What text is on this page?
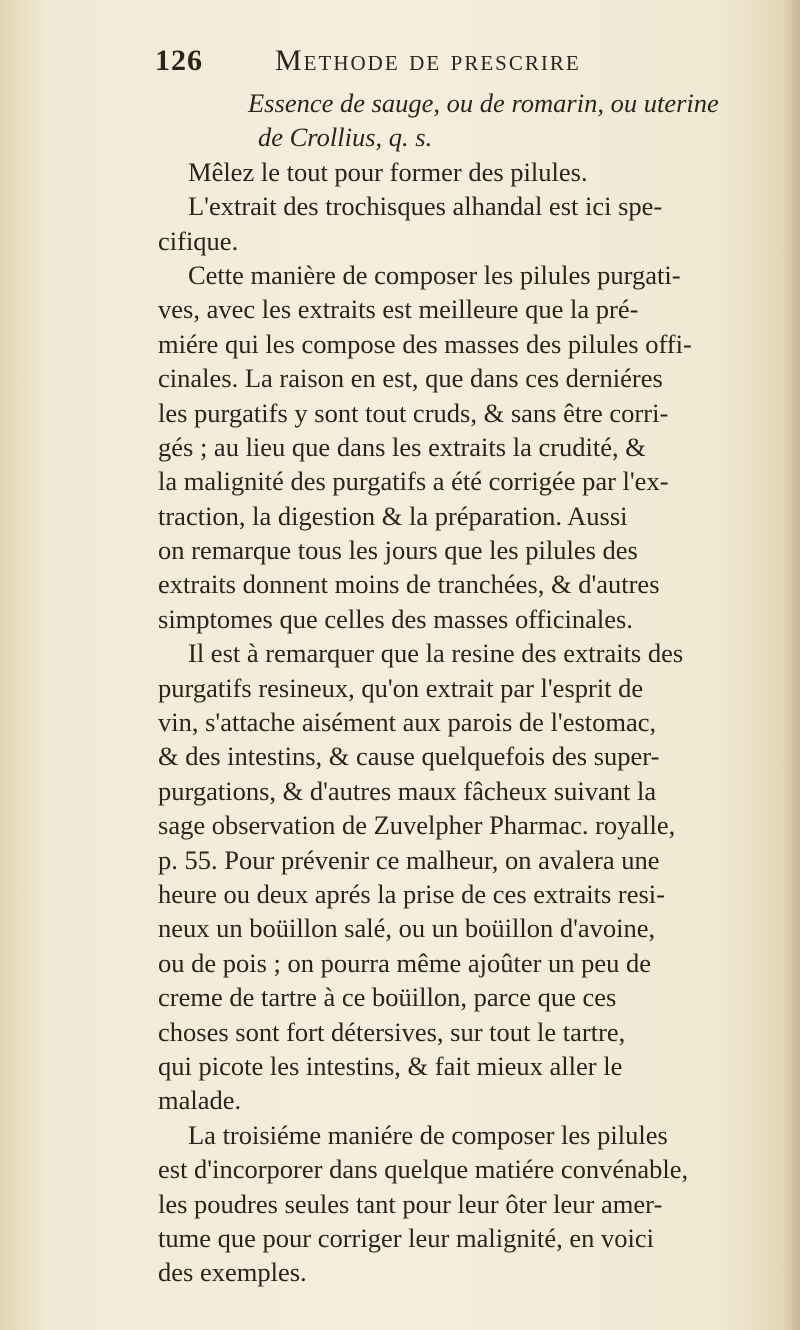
126 Methode de prescrire
Essence de sauge, ou de romarin, ou uterine
de Crollius, q. s.
Mêlez le tout pour former des pilules.
L'extrait des trochisques alhandal est ici spe-
cifique.
Cette manière de composer les pilules purgati-
ves, avec les extraits est meilleure que la pré-
miére qui les compose des masses des pilules offi-
cinales. La raison en est, que dans ces derniéres
les purgatifs y sont tout cruds, & sans être corri-
gés ; au lieu que dans les extraits la crudité, &
la malignité des purgatifs a été corrigée par l'ex-
traction, la digestion & la préparation. Aussi
on remarque tous les jours que les pilules des
extraits donnent moins de tranchées, & d'autres
simptomes que celles des masses officinales.
Il est à remarquer que la resine des extraits des
purgatifs resineux, qu'on extrait par l'esprit de
vin, s'attache aisément aux parois de l'estomac,
& des intestins, & cause quelquefois des super-
purgations, & d'autres maux fâcheux suivant la
sage observation de Zuvelpher Pharmac. royalle,
p. 55. Pour prévenir ce malheur, on avalera une
heure ou deux aprés la prise de ces extraits resi-
neux un boüillon salé, ou un boüillon d'avoine,
ou de pois ; on pourra même ajoûter un peu de
creme de tartre à ce boüillon, parce que ces
choses sont fort détersives, sur tout le tartre,
qui picote les intestins, & fait mieux aller le
malade.
La troisiéme maniére de composer les pilules
est d'incorporer dans quelque matiére convénable,
les poudres seules tant pour leur ôter leur amer-
tume que pour corriger leur malignité, en voici
des exemples.
